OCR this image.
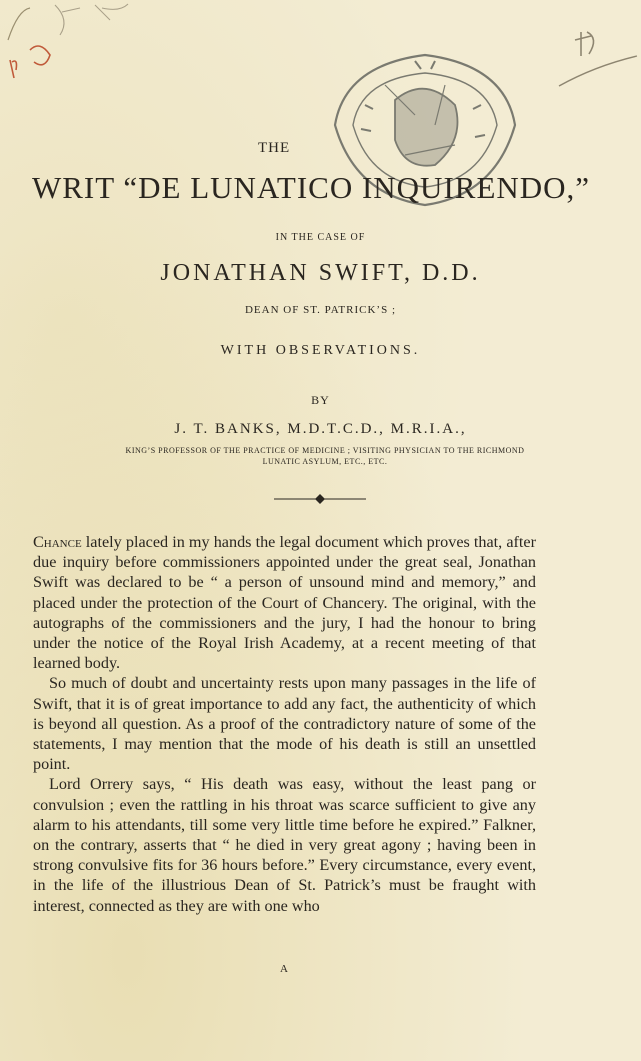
THE
WRIT “DE LUNATICO INQUIRENDO,”
IN THE CASE OF
JONATHAN SWIFT, D.D.
DEAN OF ST. PATRICK’S ;
WITH OBSERVATIONS.
BY
J. T. BANKS, M.D.T.C.D., M.R.I.A.,
KING’S PROFESSOR OF THE PRACTICE OF MEDICINE ; VISITING PHYSICIAN TO THE RICHMOND
LUNATIC ASYLUM, ETC., ETC.

Chance lately placed in my hands the legal document which proves that, after due inquiry before commissioners appointed under the great seal, Jonathan Swift was declared to be “ a person of unsound mind and memory,” and placed under the protection of the Court of Chancery. The original, with the autographs of the commissioners and the jury, I had the honour to bring under the notice of the Royal Irish Academy, at a recent meeting of that learned body.

So much of doubt and uncertainty rests upon many passages in the life of Swift, that it is of great importance to add any fact, the authenticity of which is beyond all question. As a proof of the contradictory nature of some of the statements, I may mention that the mode of his death is still an unsettled point.

Lord Orrery says, “ His death was easy, without the least pang or convulsion ; even the rattling in his throat was scarce sufficient to give any alarm to his attendants, till some very little time before he expired.” Falkner, on the contrary, asserts that “ he died in very great agony ; having been in strong convulsive fits for 36 hours before.” Every circumstance, every event, in the life of the illustrious Dean of St. Patrick’s must be fraught with interest, connected as they are with one who

A
